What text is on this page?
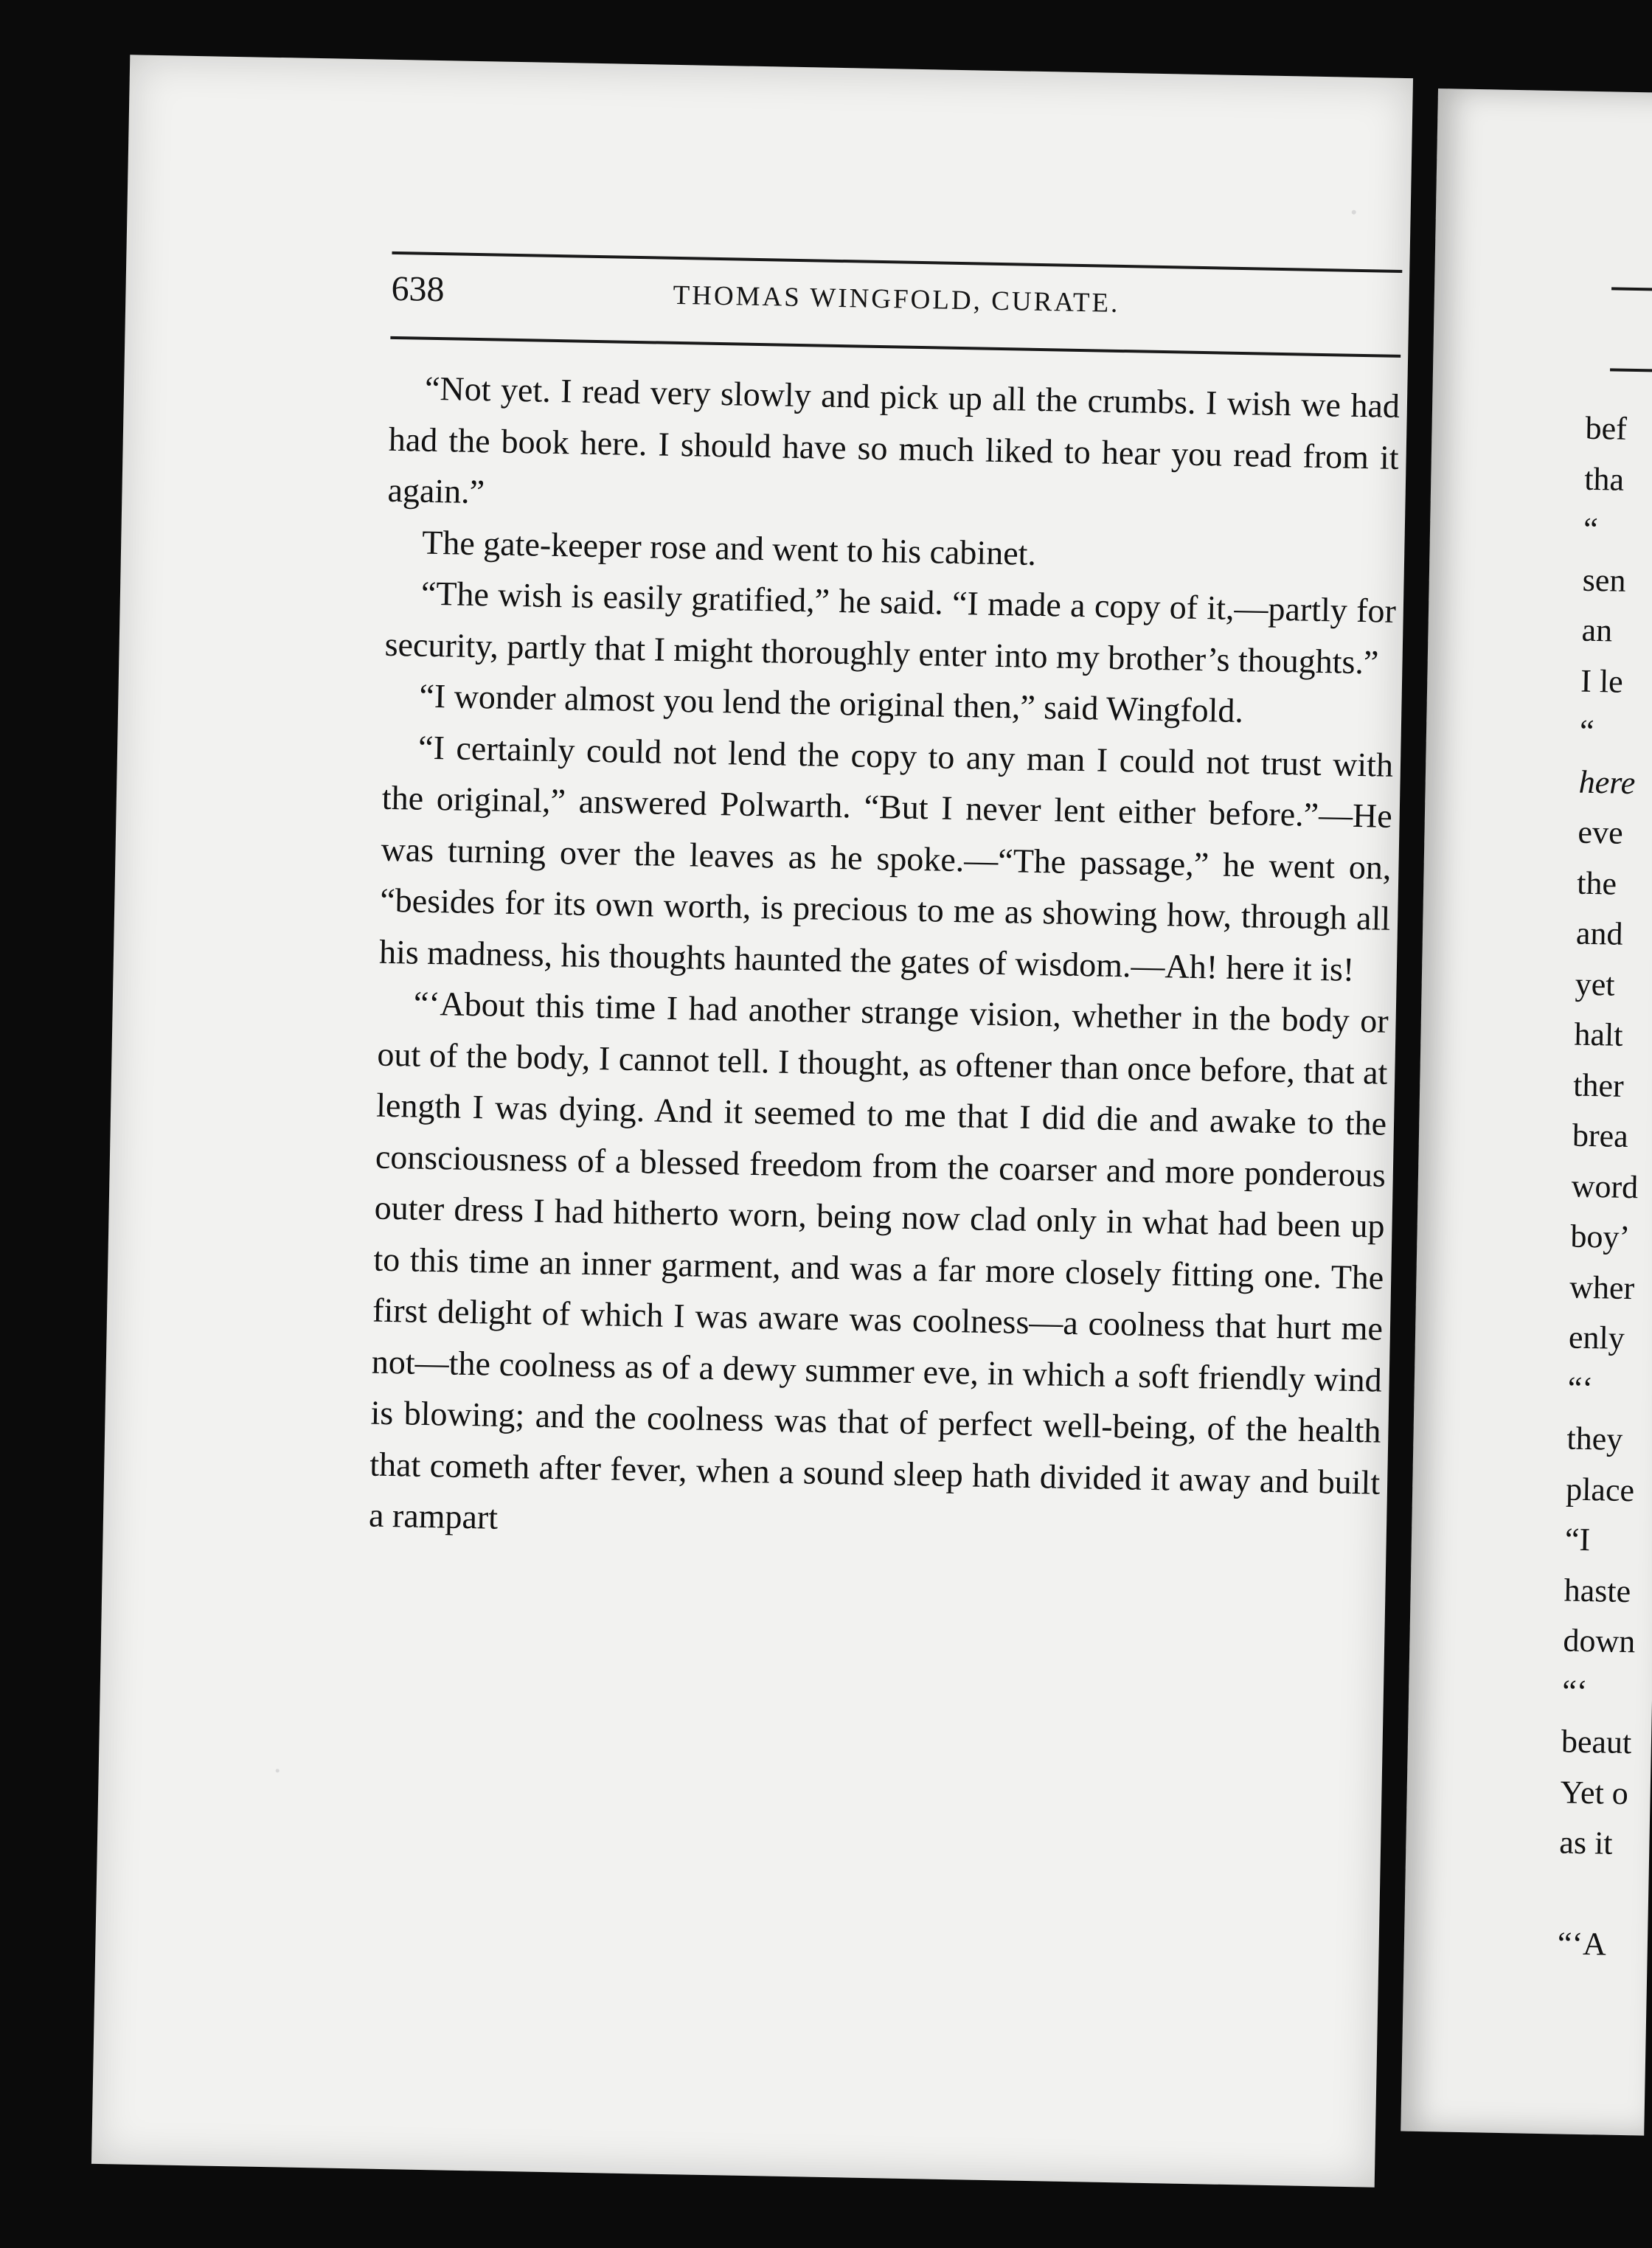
638	THOMAS WINGFOLD, CURATE.

“Not yet. I read very slowly and pick up all the crumbs. I wish we had had the book here. I should have so much liked to hear you read from it again.”

The gate-keeper rose and went to his cabinet.

“The wish is easily gratified,” he said. “I made a copy of it,—partly for security, partly that I might thoroughly enter into my brother’s thoughts.”

“I wonder almost you lend the original then,” said Wingfold.

“I certainly could not lend the copy to any man I could not trust with the original,” answered Polwarth. “But I never lent either before.”—He was turning over the leaves as he spoke.—“The passage,” he went on, “besides for its own worth, is precious to me as showing how, through all his madness, his thoughts haunted the gates of wisdom.—Ah! here it is!

“‘About this time I had another strange vision, whether in the body or out of the body, I cannot tell. I thought, as oftener than once before, that at length I was dying. And it seemed to me that I did die and awake to the consciousness of a blessed freedom from the coarser and more ponderous outer dress I had hitherto worn, being now clad only in what had been up to this time an inner garment, and was a far more closely fitting one. The first delight of which I was aware was coolness—a coolness that hurt me not—the coolness as of a dewy summer eve, in which a soft friendly wind is blowing; and the coolness was that of perfect well-being, of the health that cometh after fever, when a sound sleep hath divided it away and built a rampart

bef
tha
“
sen
an
I le
“
here
eve
the
and
yet
halt
ther
brea
word
boy’
wher
enly
“‘
they
place
“I
haste
down
“‘
beaut
Yet o
as it

“‘A
